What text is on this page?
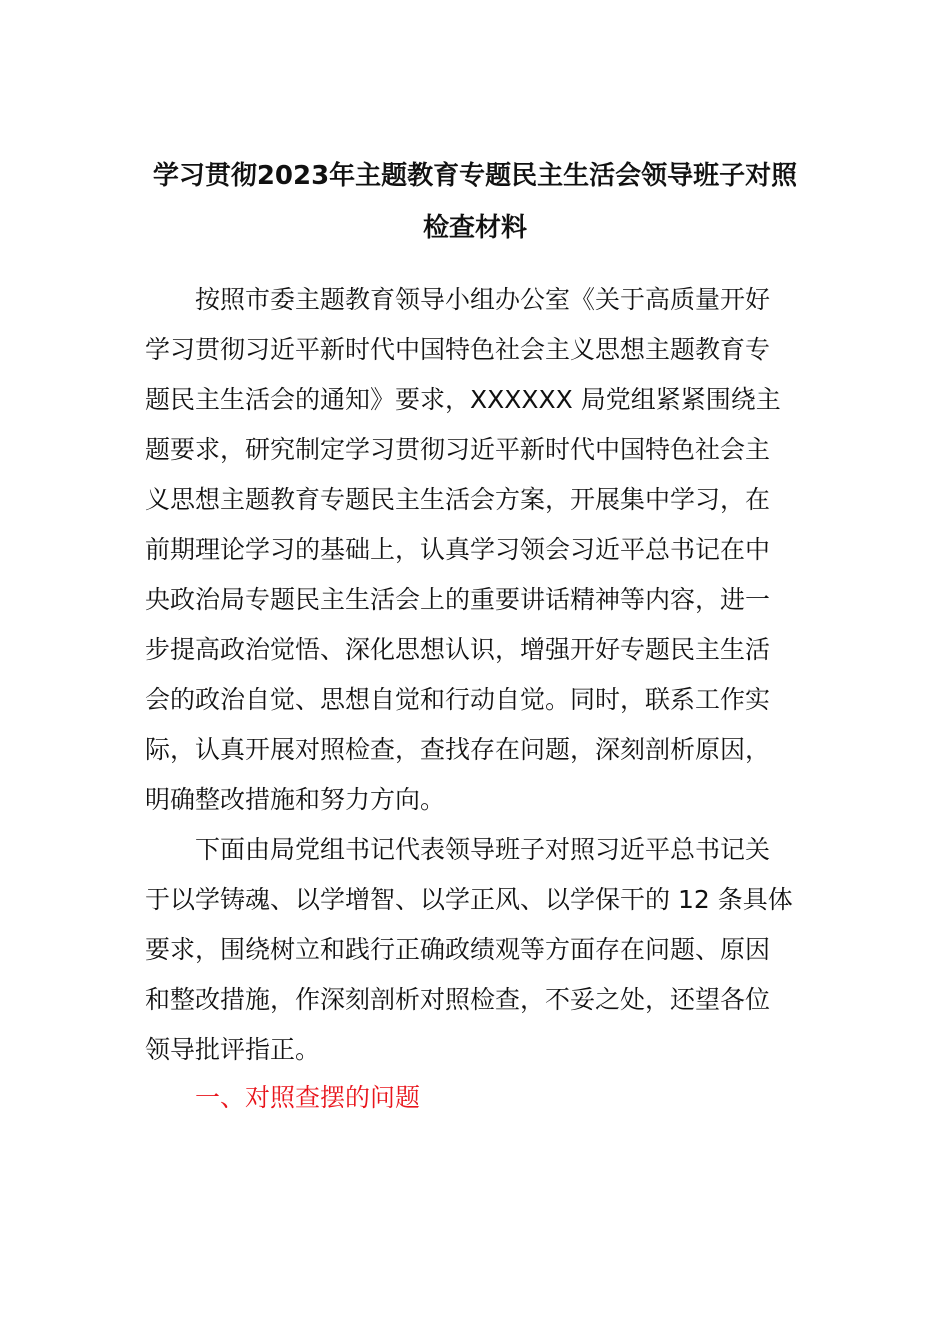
学习贯彻2023年主题教育专题民主生活会领导班子对照
检查材料

按照市委主题教育领导小组办公室《关于高质量开好

学习贯彻习近平新时代中国特色社会主义思想主题教育专

题民主生活会的通知》要求，XXXXXX 局党组紧紧围绕主

题要求，研究制定学习贯彻习近平新时代中国特色社会主

义思想主题教育专题民主生活会方案，开展集中学习，在

前期理论学习的基础上，认真学习领会习近平总书记在中

央政治局专题民主生活会上的重要讲话精神等内容，进一

步提高政治觉悟、深化思想认识，增强开好专题民主生活

会的政治自觉、思想自觉和行动自觉。同时，联系工作实

际，认真开展对照检查，查找存在问题，深刻剖析原因，

明确整改措施和努力方向。

下面由局党组书记代表领导班子对照习近平总书记关

于以学铸魂、以学增智、以学正风、以学保干的 12 条具体

要求，围绕树立和践行正确政绩观等方面存在问题、原因

和整改措施，作深刻剖析对照检查，不妥之处，还望各位

领导批评指正。

一、对照查摆的问题
